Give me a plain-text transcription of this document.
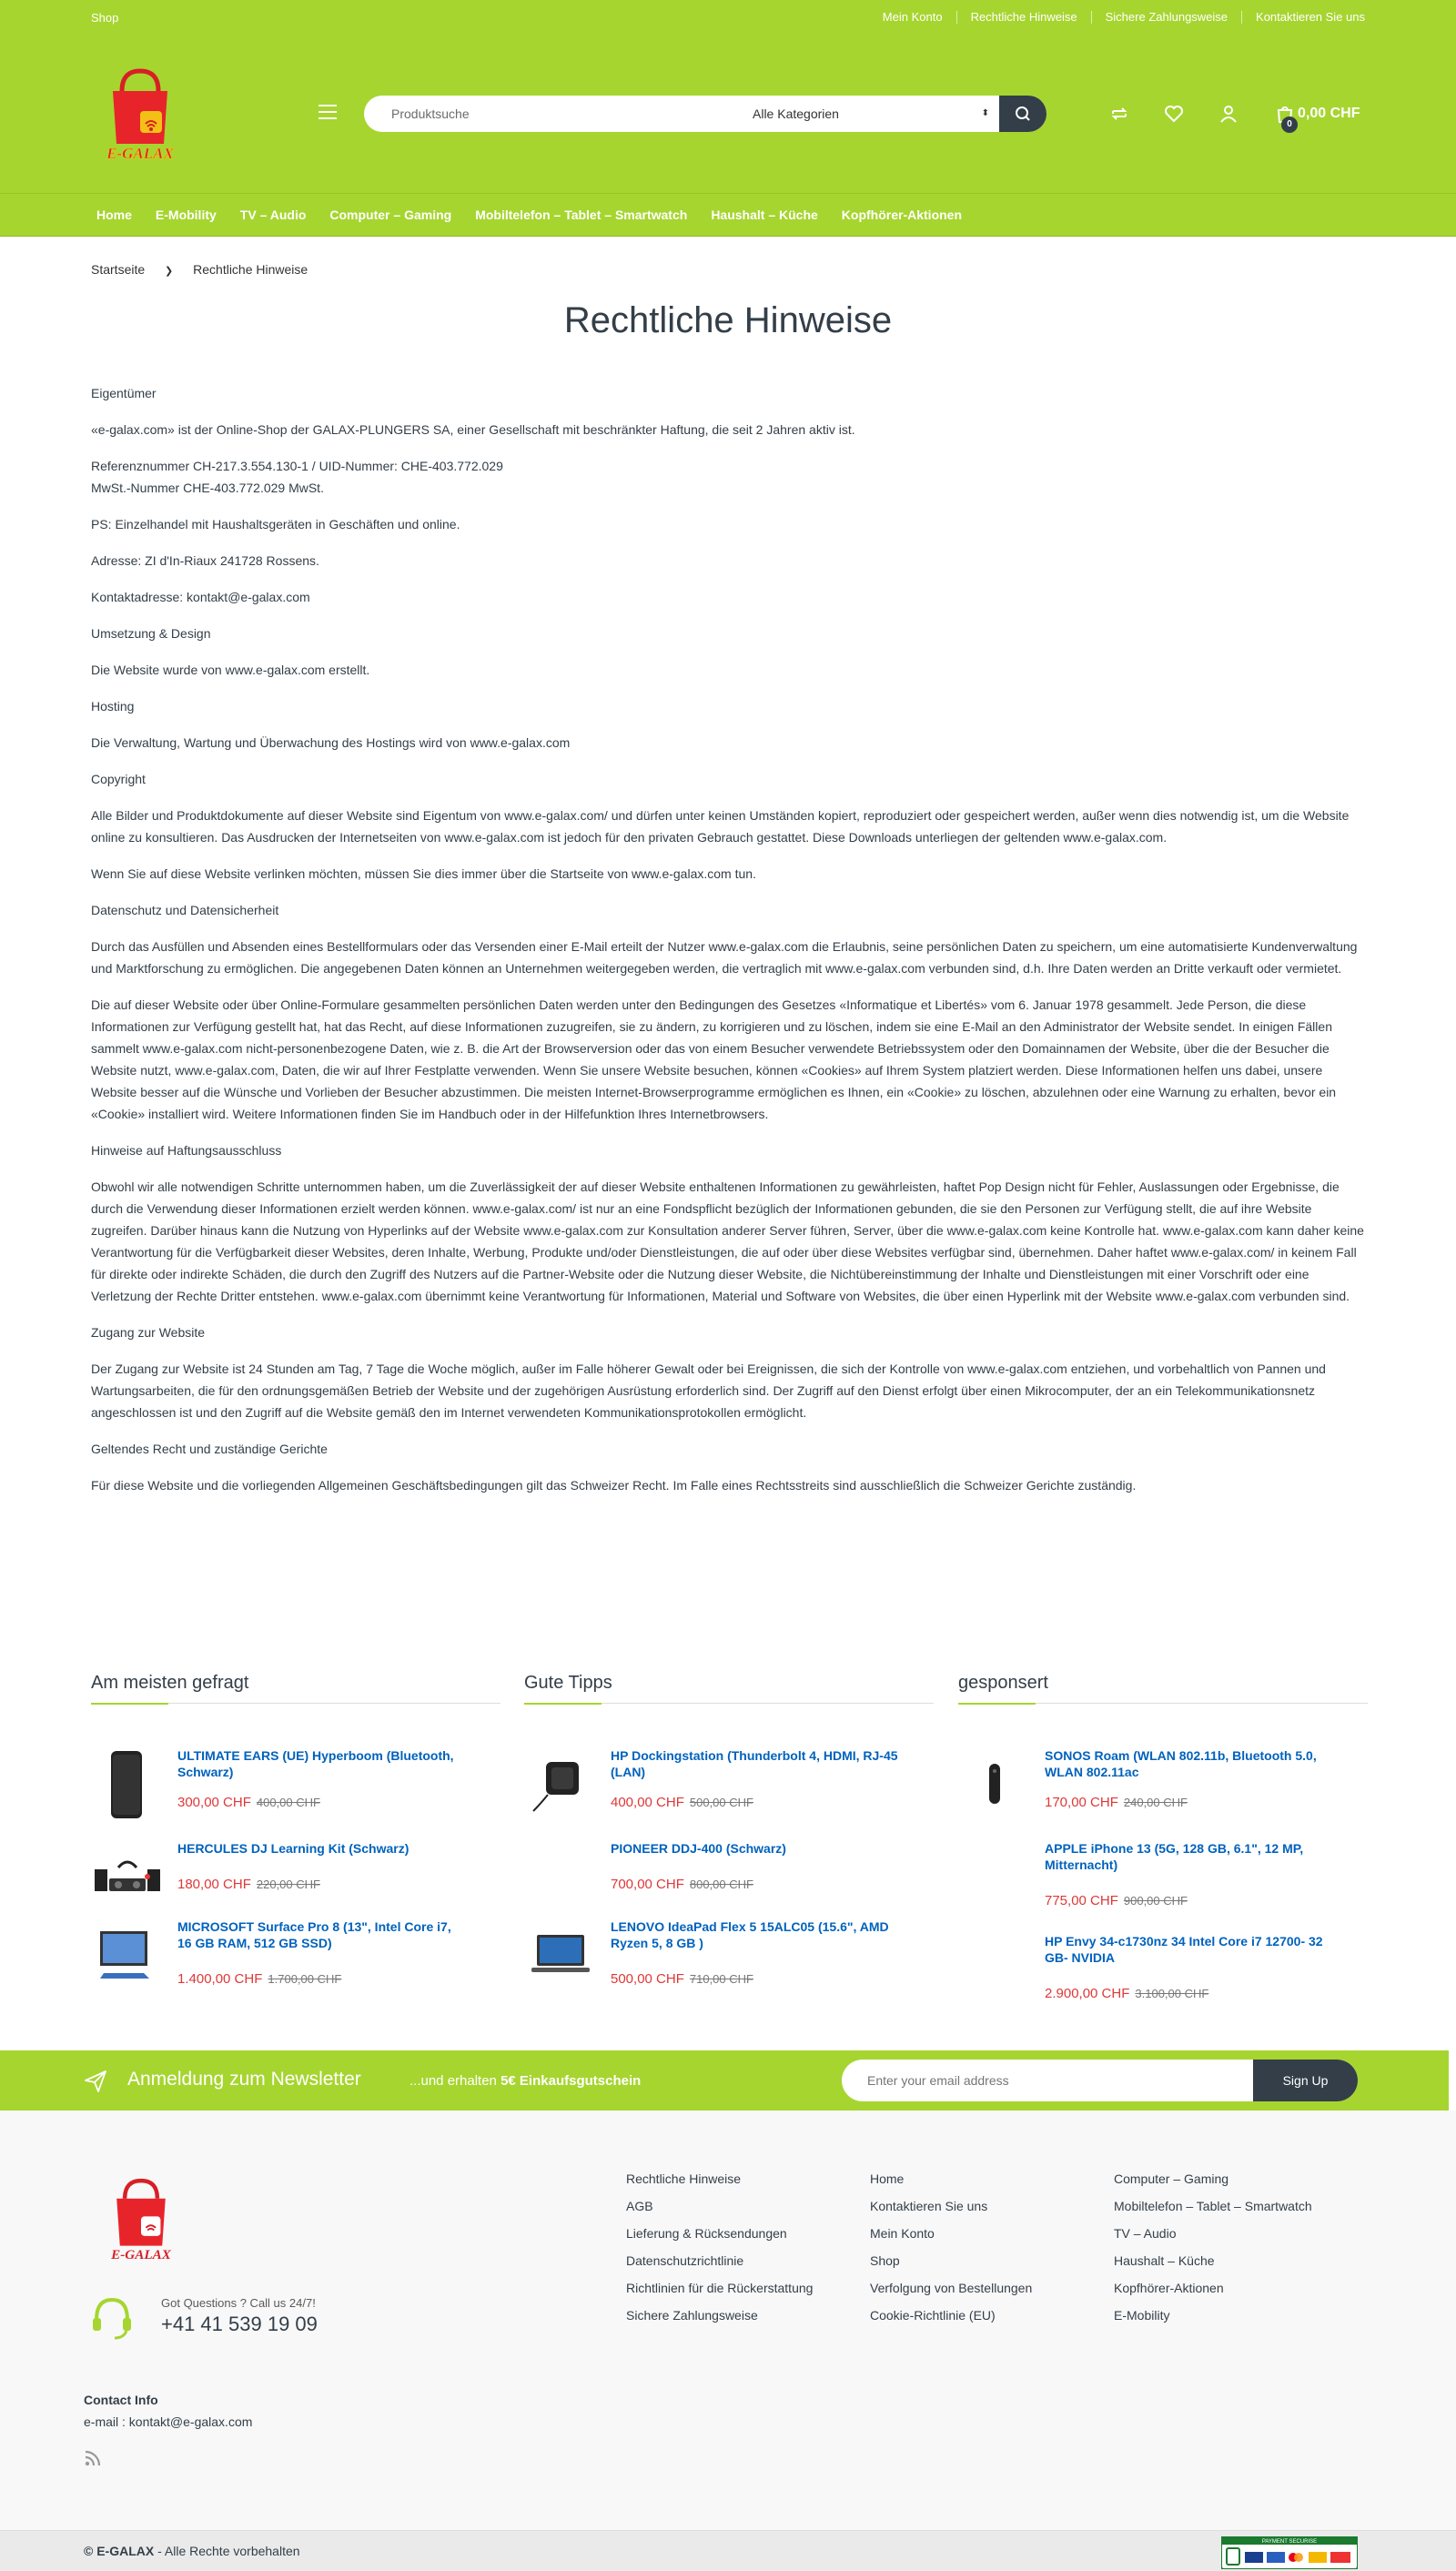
Shop	Mein Konto	Rechtliche Hinweise	Sichere Zahlungsweise	Kontaktieren Sie uns
E-GALAX
Produktsuche
Alle Kategorien	⬍
0
0,00 CHF
Home	E-Mobility	TV – Audio	Computer – Gaming	Mobiltelefon – Tablet – Smartwatch	Haushalt – Küche	Kopfhörer-Aktionen
Startseite ❯ Rechtliche Hinweise
Rechtliche Hinweise

Eigentümer

«e-galax.com» ist der Online-Shop der GALAX-PLUNGERS SA, einer Gesellschaft mit beschränkter Haftung, die seit 2 Jahren aktiv ist.

Referenznummer CH-217.3.554.130-1 / UID-Nummer: CHE-403.772.029
MwSt.-Nummer CHE-403.772.029 MwSt.

PS: Einzelhandel mit Haushaltsgeräten in Geschäften und online.

Adresse: ZI d'In-Riaux 241728 Rossens.

Kontaktadresse: kontakt@e-galax.com

Umsetzung & Design

Die Website wurde von www.e-galax.com erstellt.

Hosting

Die Verwaltung, Wartung und Überwachung des Hostings wird von www.e-galax.com

Copyright

Alle Bilder und Produktdokumente auf dieser Website sind Eigentum von www.e-galax.com/ und dürfen unter keinen Umständen kopiert, reproduziert oder gespeichert werden, außer wenn dies notwendig ist, um die Website online zu konsultieren. Das Ausdrucken der Internetseiten von www.e-galax.com ist jedoch für den privaten Gebrauch gestattet. Diese Downloads unterliegen der geltenden www.e-galax.com.

Wenn Sie auf diese Website verlinken möchten, müssen Sie dies immer über die Startseite von www.e-galax.com tun.

Datenschutz und Datensicherheit

Durch das Ausfüllen und Absenden eines Bestellformulars oder das Versenden einer E-Mail erteilt der Nutzer www.e-galax.com die Erlaubnis, seine persönlichen Daten zu speichern, um eine automatisierte Kundenverwaltung und Marktforschung zu ermöglichen. Die angegebenen Daten können an Unternehmen weitergegeben werden, die vertraglich mit www.e-galax.com verbunden sind, d.h. Ihre Daten werden an Dritte verkauft oder vermietet.

Die auf dieser Website oder über Online-Formulare gesammelten persönlichen Daten werden unter den Bedingungen des Gesetzes «Informatique et Libertés» vom 6. Januar 1978 gesammelt. Jede Person, die diese Informationen zur Verfügung gestellt hat, hat das Recht, auf diese Informationen zuzugreifen, sie zu ändern, zu korrigieren und zu löschen, indem sie eine E-Mail an den Administrator der Website sendet. In einigen Fällen sammelt www.e-galax.com nicht-personenbezogene Daten, wie z. B. die Art der Browserversion oder das von einem Besucher verwendete Betriebssystem oder den Domainnamen der Website, über die der Besucher die Website nutzt, www.e-galax.com, Daten, die wir auf Ihrer Festplatte verwenden. Wenn Sie unsere Website besuchen, können «Cookies» auf Ihrem System platziert werden. Diese Informationen helfen uns dabei, unsere Website besser auf die Wünsche und Vorlieben der Besucher abzustimmen. Die meisten Internet-Browserprogramme ermöglichen es Ihnen, ein «Cookie» zu löschen, abzulehnen oder eine Warnung zu erhalten, bevor ein «Cookie» installiert wird. Weitere Informationen finden Sie im Handbuch oder in der Hilfefunktion Ihres Internetbrowsers.

Hinweise auf Haftungsausschluss

Obwohl wir alle notwendigen Schritte unternommen haben, um die Zuverlässigkeit der auf dieser Website enthaltenen Informationen zu gewährleisten, haftet Pop Design nicht für Fehler, Auslassungen oder Ergebnisse, die durch die Verwendung dieser Informationen erzielt werden können. www.e-galax.com/ ist nur an eine Fondspflicht bezüglich der Informationen gebunden, die sie den Personen zur Verfügung stellt, die auf ihre Website zugreifen. Darüber hinaus kann die Nutzung von Hyperlinks auf der Website www.e-galax.com zur Konsultation anderer Server führen, Server, über die www.e-galax.com keine Kontrolle hat. www.e-galax.com kann daher keine Verantwortung für die Verfügbarkeit dieser Websites, deren Inhalte, Werbung, Produkte und/oder Dienstleistungen, die auf oder über diese Websites verfügbar sind, übernehmen. Daher haftet www.e-galax.com/ in keinem Fall für direkte oder indirekte Schäden, die durch den Zugriff des Nutzers auf die Partner-Website oder die Nutzung dieser Website, die Nichtübereinstimmung der Inhalte und Dienstleistungen mit einer Vorschrift oder eine Verletzung der Rechte Dritter entstehen. www.e-galax.com übernimmt keine Verantwortung für Informationen, Material und Software von Websites, die über einen Hyperlink mit der Website www.e-galax.com verbunden sind.

Zugang zur Website

Der Zugang zur Website ist 24 Stunden am Tag, 7 Tage die Woche möglich, außer im Falle höherer Gewalt oder bei Ereignissen, die sich der Kontrolle von www.e-galax.com entziehen, und vorbehaltlich von Pannen und Wartungsarbeiten, die für den ordnungsgemäßen Betrieb der Website und der zugehörigen Ausrüstung erforderlich sind. Der Zugriff auf den Dienst erfolgt über einen Mikrocomputer, der an ein Telekommunikationsnetz angeschlossen ist und den Zugriff auf die Website gemäß den im Internet verwendeten Kommunikationsprotokollen ermöglicht.

Geltendes Recht und zuständige Gerichte

Für diese Website und die vorliegenden Allgemeinen Geschäftsbedingungen gilt das Schweizer Recht. Im Falle eines Rechtsstreits sind ausschließlich die Schweizer Gerichte zuständig.

Am meisten gefragt
ULTIMATE EARS (UE) Hyperboom (Bluetooth, Schwarz)
300,00 CHF 400,00 CHF
HERCULES DJ Learning Kit (Schwarz)
180,00 CHF 220,00 CHF
MICROSOFT Surface Pro 8 (13", Intel Core i7, 16 GB RAM, 512 GB SSD)
1.400,00 CHF 1.700,00 CHF
Gute Tipps
HP Dockingstation (Thunderbolt 4, HDMI, RJ-45 (LAN)
400,00 CHF 500,00 CHF
PIONEER DDJ-400 (Schwarz)
700,00 CHF 800,00 CHF
LENOVO IdeaPad Flex 5 15ALC05 (15.6", AMD Ryzen 5, 8 GB )
500,00 CHF 710,00 CHF
gesponsert
SONOS Roam (WLAN 802.11b, Bluetooth 5.0, WLAN 802.11ac
170,00 CHF 240,00 CHF
APPLE iPhone 13 (5G, 128 GB, 6.1", 12 MP, Mitternacht)
775,00 CHF 900,00 CHF
HP Envy 34-c1730nz 34 Intel Core i7 12700- 32 GB- NVIDIA
2.900,00 CHF 3.100,00 CHF
Anmeldung zum Newsletter	...und erhalten 5€ Einkaufsgutschein
Enter your email address	Sign Up
E-GALAX
Got Questions ? Call us 24/7!
+41 41 539 19 09
Contact Info
e-mail : kontakt@e-galax.com
Rechtliche Hinweise
AGB
Lieferung & Rücksendungen
Datenschutzrichtlinie
Richtlinien für die Rückerstattung
Sichere Zahlungsweise
Home
Kontaktieren Sie uns
Mein Konto
Shop
Verfolgung von Bestellungen
Cookie-Richtlinie (EU)
Computer – Gaming
Mobiltelefon – Tablet – Smartwatch
TV – Audio
Haushalt – Küche
Kopfhörer-Aktionen
E-Mobility
© E-GALAX - Alle Rechte vorbehalten
PAYMENT SECURISE
